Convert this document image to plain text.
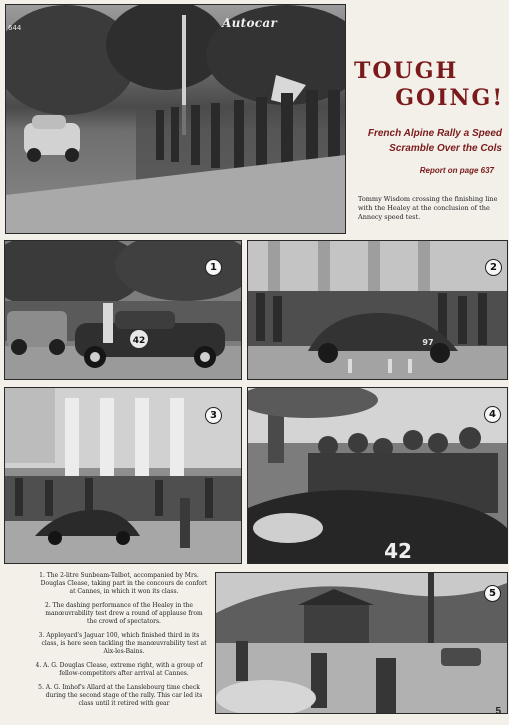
644	Autocar
TOUGH
GOING!
French Alpine Rally a Speed Scramble Over the Cols
Report on page 637
Tommy Wisdom crossing the finishing line with the Healey at the conclusion of the Annecy speed test.
42
1
97
2
3
42
4
1. The 2-litre Sunbeam-Talbot, accompanied by Mrs. Douglas Clease, taking part in the concours de confort at Cannes, in which it won its class.
2. The dashing performance of the Healey in the manœuvrability test drew a round of applause from the crowd of spectators.
3. Appleyard's Jaguar 100, which finished third in its class, is here seen tackling the manœuvrability test at Aix-les-Bains.
4. A. G. Douglas Clease, extreme right, with a group of fellow-competitors after arrival at Cannes.
5. A. G. Imhof's Allard at the Lanslebourg time check during the second stage of the rally. This car led its class until it retired with gear
5
5
